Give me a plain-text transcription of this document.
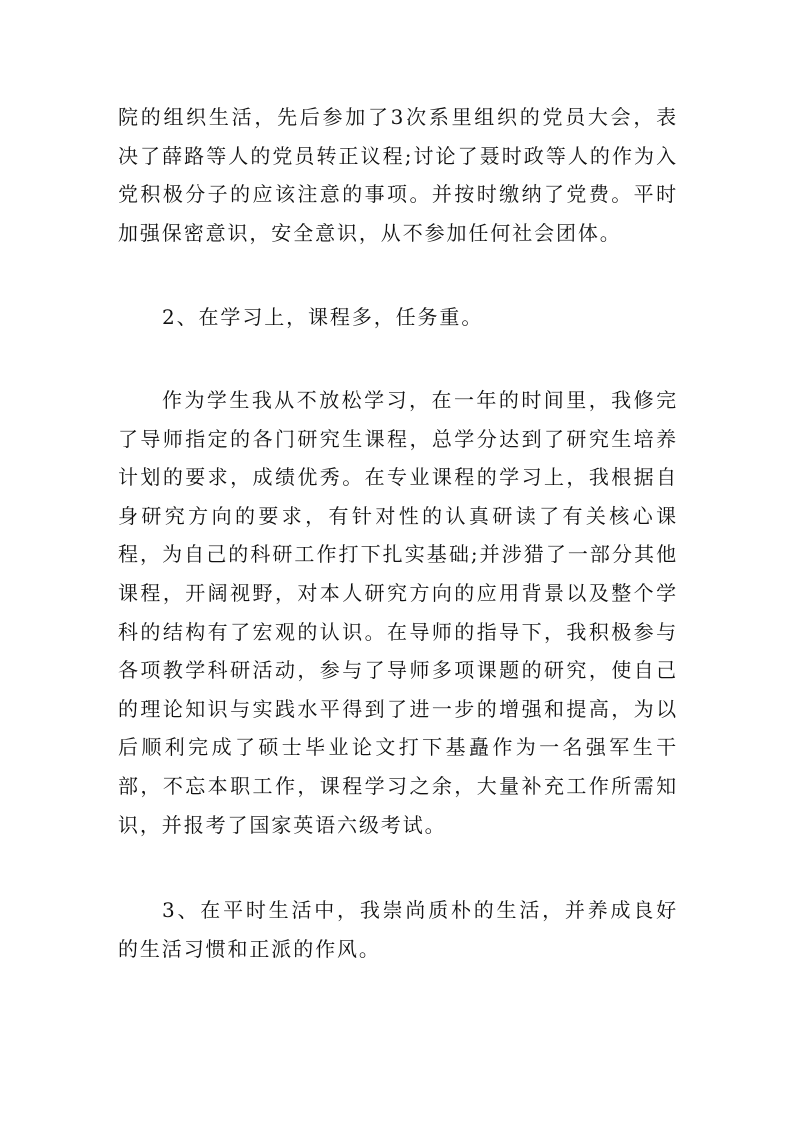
院的组织生活，先后参加了3次系里组织的党员大会，表决了薛路等人的党员转正议程;讨论了聂时政等人的作为入党积极分子的应该注意的事项。并按时缴纳了党费。平时加强保密意识，安全意识，从不参加任何社会团体。

2、在学习上，课程多，任务重。

作为学生我从不放松学习，在一年的时间里，我修完了导师指定的各门研究生课程，总学分达到了研究生培养计划的要求，成绩优秀。在专业课程的学习上，我根据自身研究方向的要求，有针对性的认真研读了有关核心课程，为自己的科研工作打下扎实基础;并涉猎了一部分其他课程，开阔视野，对本人研究方向的应用背景以及整个学科的结构有了宏观的认识。在导师的指导下，我积极参与各项教学科研活动，参与了导师多项课题的研究，使自己的理论知识与实践水平得到了进一步的增强和提高，为以后顺利完成了硕士毕业论文打下基矗作为一名强军生干部，不忘本职工作，课程学习之余，大量补充工作所需知识，并报考了国家英语六级考试。

3、在平时生活中，我崇尚质朴的生活，并养成良好的生活习惯和正派的作风。
